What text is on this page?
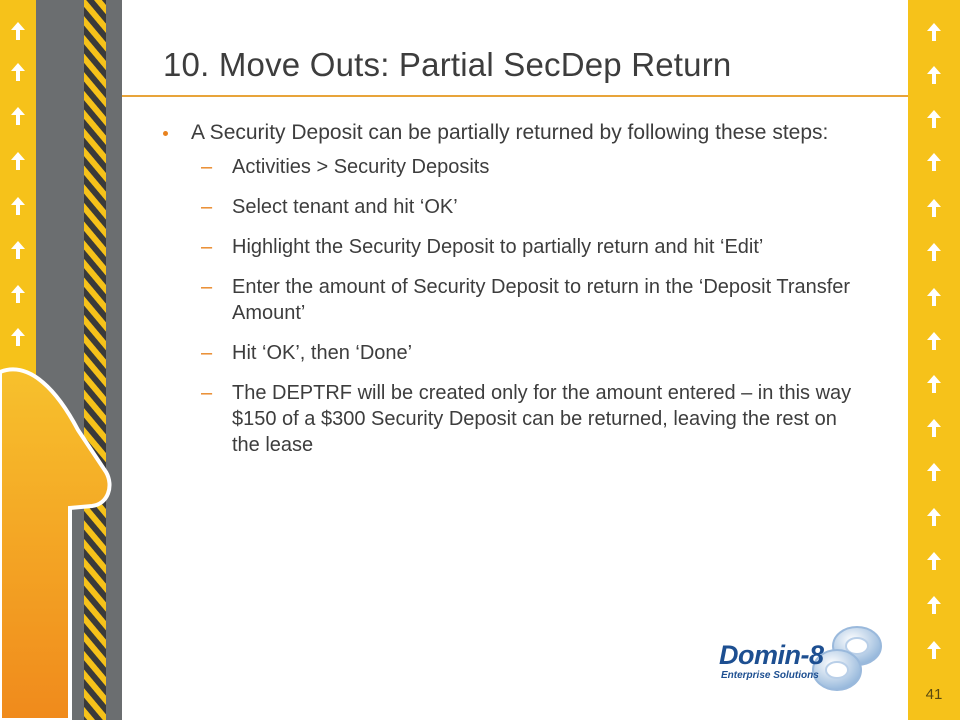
10. Move Outs: Partial SecDep Return
A Security Deposit can be partially returned by following these steps:
– Activities > Security Deposits
– Select tenant and hit ‘OK’
– Highlight the Security Deposit to partially return and hit ‘Edit’
– Enter the amount of Security Deposit to return in the ‘Deposit Transfer Amount’
– Hit ‘OK’, then ‘Done’
– The DEPTRF will be created only for the amount entered – in this way $150 of a $300 Security Deposit can be returned, leaving the rest on the lease
Domin-8
Enterprise Solutions
41
